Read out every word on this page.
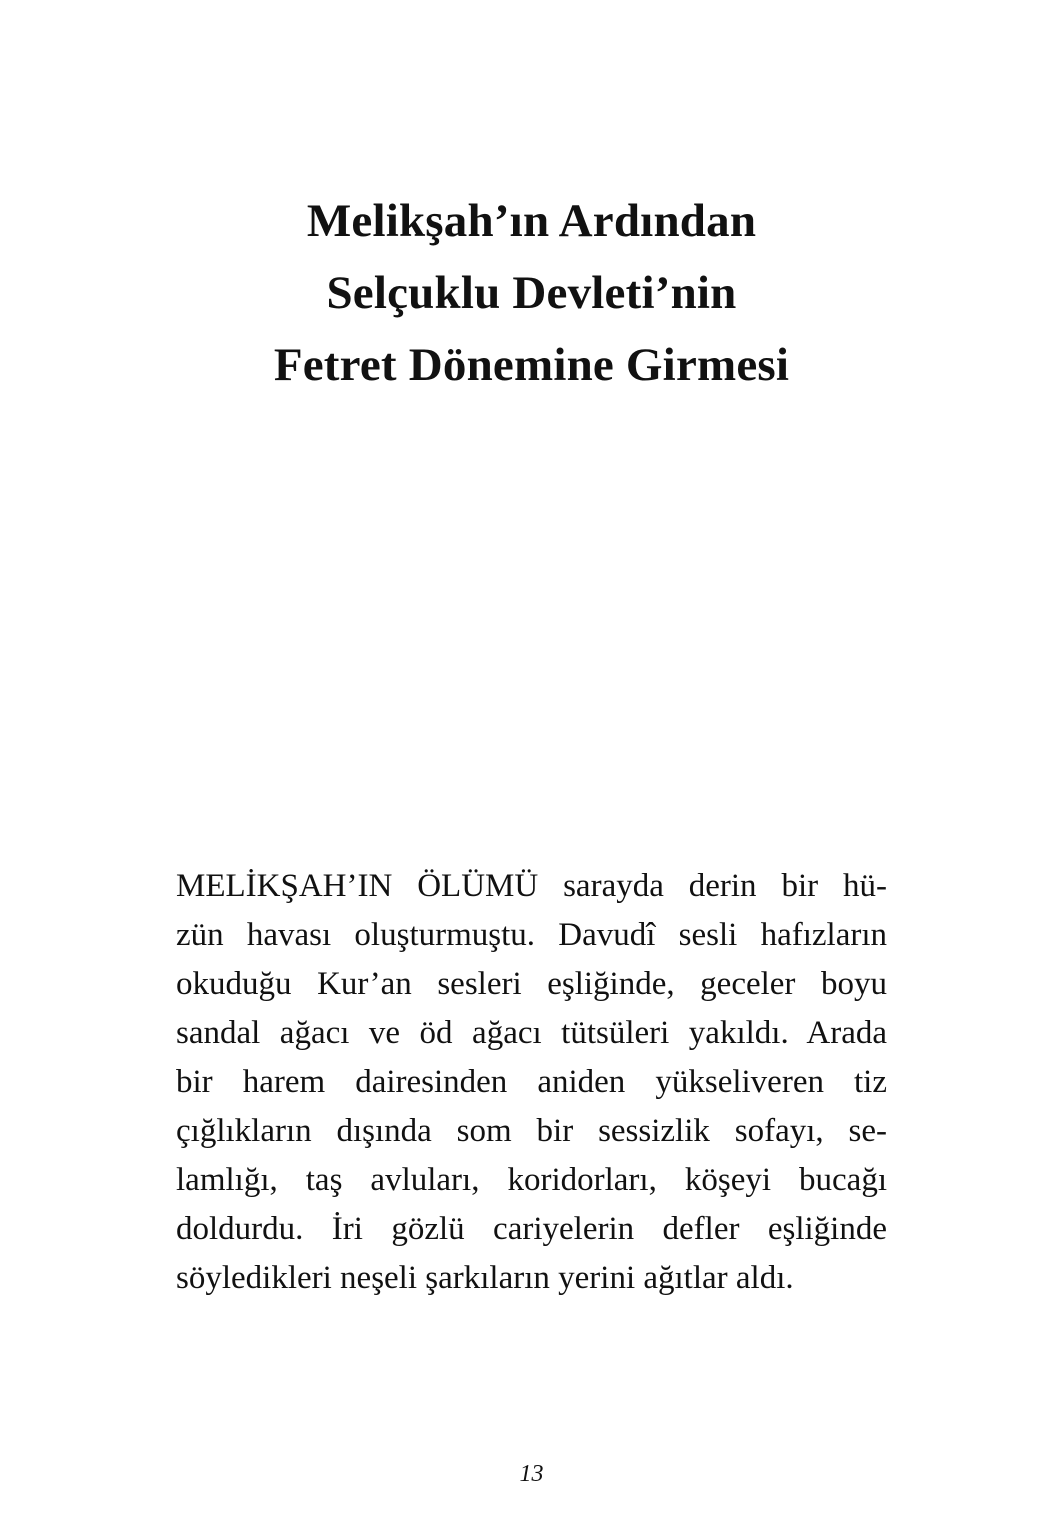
Melikşah’ın Ardından
Selçuklu Devleti’nin
Fetret Dönemine Girmesi
MELİKŞAH’IN ÖLÜMÜ sarayda derin bir hü-
zün havası oluşturmuştu. Davudî sesli hafızların
okuduğu Kur’an sesleri eşliğinde, geceler boyu
sandal ağacı ve öd ağacı tütsüleri yakıldı. Arada
bir harem dairesinden aniden yükseliveren tiz
çığlıkların dışında som bir sessizlik sofayı, se-
lamlığı, taş avluları, koridorları, köşeyi bucağı
doldurdu. İri gözlü cariyelerin defler eşliğinde
söyledikleri neşeli şarkıların yerini ağıtlar aldı.
13
